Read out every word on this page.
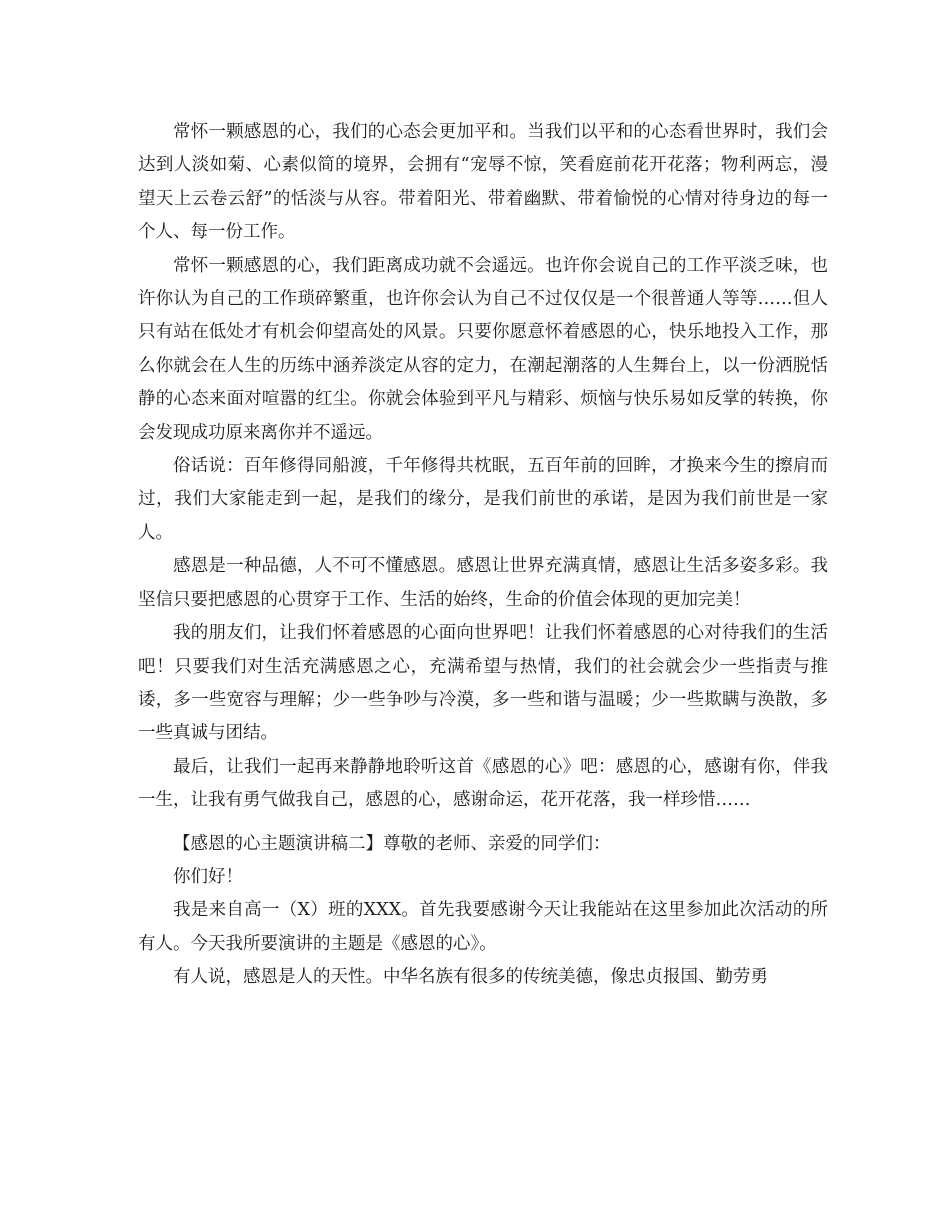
常怀一颗感恩的心，我们的心态会更加平和。当我们以平和的心态看世界时，我们会达到人淡如菊、心素似简的境界，会拥有“宠辱不惊，笑看庭前花开花落；物利两忘，漫望天上云卷云舒”的恬淡与从容。带着阳光、带着幽默、带着愉悦的心情对待身边的每一个人、每一份工作。

常怀一颗感恩的心，我们距离成功就不会遥远。也许你会说自己的工作平淡乏味，也许你认为自己的工作琐碎繁重，也许你会认为自己不过仅仅是一个很普通人等等……但人只有站在低处才有机会仰望高处的风景。只要你愿意怀着感恩的心，快乐地投入工作，那么你就会在人生的历练中涵养淡定从容的定力，在潮起潮落的人生舞台上，以一份洒脱恬静的心态来面对喧嚣的红尘。你就会体验到平凡与精彩、烦恼与快乐易如反掌的转换，你会发现成功原来离你并不遥远。

俗话说：百年修得同船渡，千年修得共枕眠，五百年前的回眸，才换来今生的擦肩而过，我们大家能走到一起，是我们的缘分，是我们前世的承诺，是因为我们前世是一家人。

感恩是一种品德，人不可不懂感恩。感恩让世界充满真情，感恩让生活多姿多彩。我坚信只要把感恩的心贯穿于工作、生活的始终，生命的价值会体现的更加完美！

我的朋友们，让我们怀着感恩的心面向世界吧！让我们怀着感恩的心对待我们的生活吧！只要我们对生活充满感恩之心，充满希望与热情，我们的社会就会少一些指责与推诿，多一些宽容与理解；少一些争吵与冷漠，多一些和谐与温暖；少一些欺瞒与涣散，多一些真诚与团结。

最后，让我们一起再来静静地聆听这首《感恩的心》吧：感恩的心，感谢有你，伴我一生，让我有勇气做我自己，感恩的心，感谢命运，花开花落，我一样珍惜……

【感恩的心主题演讲稿二】尊敬的老师、亲爱的同学们：

你们好！

我是来自高一（X）班的XXX。首先我要感谢今天让我能站在这里参加此次活动的所有人。今天我所要演讲的主题是《感恩的心》。

有人说，感恩是人的天性。中华名族有很多的传统美德，像忠贞报国、勤劳勇
